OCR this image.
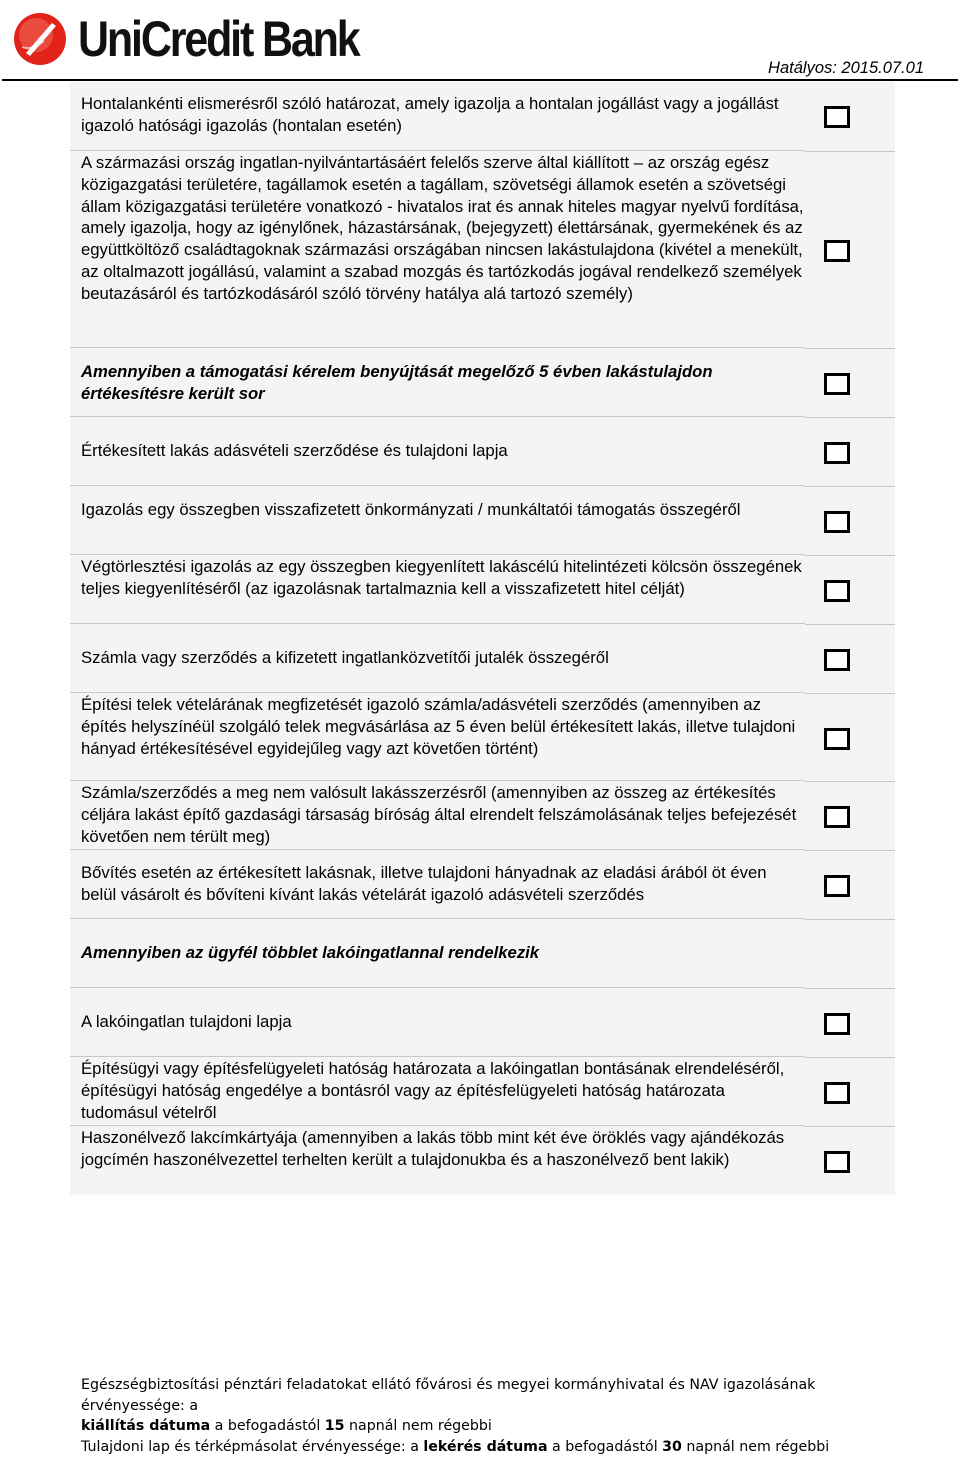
UniCredit Bank
Hatályos: 2015.07.01
Hontalankénti elismerésről szóló határozat, amely igazolja a hontalan jogállást vagy a jogállást igazoló hatósági igazolás (hontalan esetén)
A származási ország ingatlan-nyilvántartásáért felelős szerve által kiállított – az ország egész közigazgatási területére, tagállamok esetén a tagállam, szövetségi államok esetén a szövetségi állam közigazgatási területére vonatkozó - hivatalos irat és annak hiteles magyar nyelvű fordítása, amely igazolja, hogy az igénylőnek, házastársának, (bejegyzett) élettársának, gyermekének és az együttköltöző családtagoknak származási országában nincsen lakástulajdona (kivétel a menekült, az oltalmazott jogállású, valamint a szabad mozgás és tartózkodás jogával rendelkező személyek beutazásáról és tartózkodásáról szóló törvény hatálya alá tartozó személy)
Amennyiben a támogatási kérelem benyújtását megelőző 5 évben lakástulajdon értékesítésre került sor
Értékesített lakás adásvételi szerződése és tulajdoni lapja
Igazolás egy összegben visszafizetett önkormányzati / munkáltatói támogatás összegéről
Végtörlesztési igazolás az egy összegben kiegyenlített lakáscélú hitelintézeti kölcsön összegének teljes kiegyenlítéséről (az igazolásnak tartalmaznia kell a visszafizetett hitel célját)
Számla vagy szerződés a kifizetett ingatlanközvetítői jutalék összegéről
Építési telek vételárának megfizetését igazoló számla/adásvételi szerződés (amennyiben az építés helyszínéül szolgáló telek megvásárlása az 5 éven belül értékesített lakás, illetve tulajdoni hányad értékesítésével egyidejűleg vagy azt követően történt)
Számla/szerződés a meg nem valósult lakásszerzésről (amennyiben az összeg az értékesítés céljára lakást építő gazdasági társaság bíróság által elrendelt felszámolásának teljes befejezését követően nem térült meg)
Bővítés esetén az értékesített lakásnak, illetve tulajdoni hányadnak az eladási árából öt éven belül vásárolt és bővíteni kívánt lakás vételárát igazoló adásvételi szerződés
Amennyiben az ügyfél többlet lakóingatlannal rendelkezik
A lakóingatlan tulajdoni lapja
Építésügyi vagy építésfelügyeleti hatóság határozata a lakóingatlan bontásának elrendeléséről, építésügyi hatóság engedélye a bontásról vagy az építésfelügyeleti hatóság határozata tudomásul vételről
Haszonélvező lakcímkártyája (amennyiben a lakás több mint két éve öröklés vagy ajándékozás jogcímén haszonélvezettel terhelten került a tulajdonukba és a haszonélvező bent lakik)
Egészségbiztosítási pénztári feladatokat ellátó fővárosi és megyei kormányhivatal és NAV igazolásának érvényessége: a
kiállítás dátuma a befogadástól 15 napnál nem régebbi
Tulajdoni lap és térképmásolat érvényessége: a lekérés dátuma a befogadástól 30 napnál nem régebbi
